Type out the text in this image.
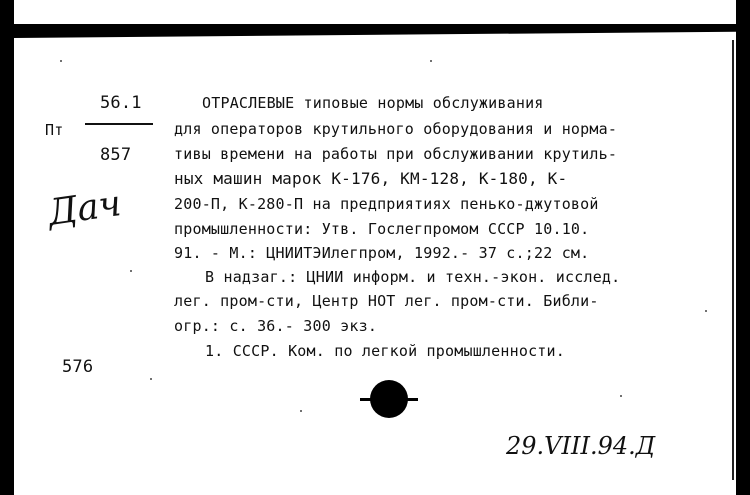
56.1
Пт
857
Дач
576
ОТРАСЛЕВЫЕ типовые нормы обслуживания
для операторов крутильного оборудования и норма-
тивы времени на работы при обслуживании крутиль-
ных машин марок К-176, КМ-128, К-180, К-
200-П, К-280-П на предприятиях пенько-джутовой
промышленности: Утв. Гослегпромом СССР 10.10.
91. - М.: ЦНИИТЭИлегпром, 1992.- 37 с.;22 см.
В надзаг.: ЦНИИ информ. и техн.-экон. исслед.
лег. пром-сти, Центр НОТ лег. пром-сти. Библи-
огр.: с. 36.- 300 экз.
1. СССР. Ком. по легкой промышленности.
29.VIII.94.Д
